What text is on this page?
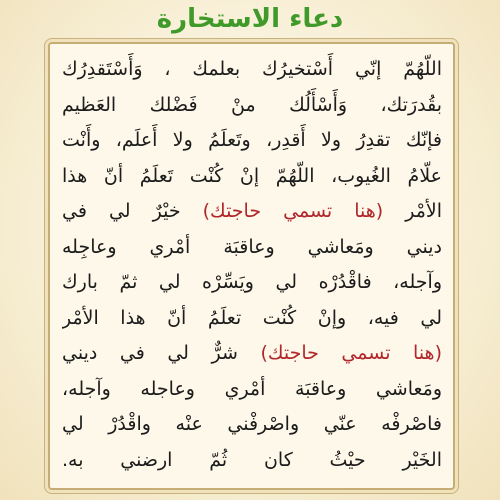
دعاء الاستخارة
اللّهُمّ إنّي أَسْتخيرُك بعلمك ، وَأَسْتَقدِرُك
بقُدرَتك، وَأَسْأَلُك منْ فَضْلك العَظيم
فإنّك تقدِرُ ولا أَقدِر، وتَعلَمُ ولا أَعلَم، وأَنْت
علّامُ الغُيوب، اللّهُمّ إنْ كُنْت تَعلَمُ أنّ هذا
الأمْر (هنا تسمي حاجتك) خيْرٌ لي في
ديني ومَعاشي وعاقبَة أمْري وعاجِله
وآجله، فاقْدُرْه لي ويَسِّرْه لي ثمّ بارك
لي فيه، وإنْ كُنْت تعلَمُ أنّ هذا الأمْر
(هنا تسمي حاجتك) شرٌّ لي في ديني
ومَعاشي وعاقبَة أمْري وعاجله وآجله،
فاصْرفْه عنّي واصْرفْني عنْه واقْدُرْ لي
الخَيْر حيْثُ كان ثُمّ ارضني به.
